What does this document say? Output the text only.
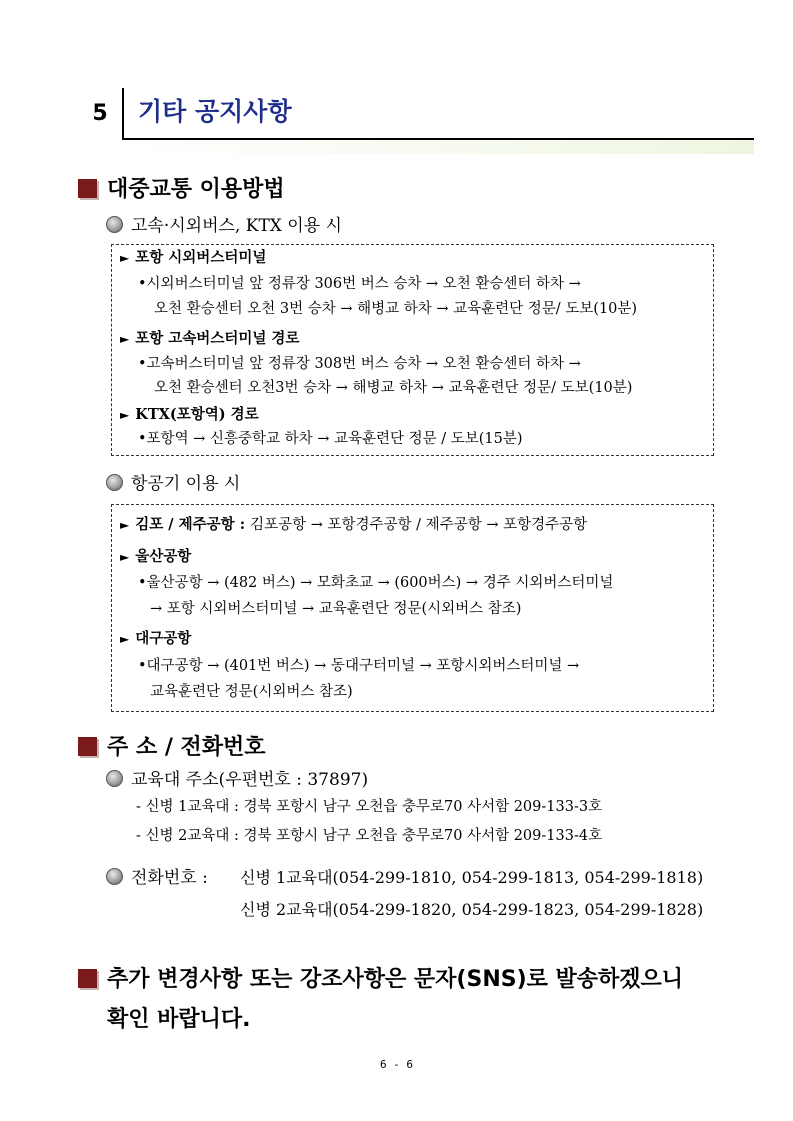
5	기타 공지사항
대중교통 이용방법
고속·시외버스, KTX 이용 시
► 포항 시외버스터미널
•시외버스터미널 앞 정류장 306번 버스 승차 → 오천 환승센터 하차 →
오천 환승센터 오천 3번 승차 → 해병교 하차 → 교육훈련단 정문/ 도보(10분)
► 포항 고속버스터미널 경로
•고속버스터미널 앞 정류장 308번 버스 승차 → 오천 환승센터 하차 →
오천 환승센터 오천3번 승차 → 해병교 하차 → 교육훈련단 정문/ 도보(10분)
► KTX(포항역) 경로
•포항역 → 신흥중학교 하차 → 교육훈련단 정문 / 도보(15분)
항공기 이용 시
► 김포 / 제주공항 : 김포공항 → 포항경주공항 / 제주공항 → 포항경주공항
► 울산공항
•울산공항 → (482 버스) → 모화초교 → (600버스) → 경주 시외버스터미널
→ 포항 시외버스터미널 → 교육훈련단 정문(시외버스 참조)
► 대구공항
•대구공항 → (401번 버스) → 동대구터미널 → 포항시외버스터미널 →
교육훈련단 정문(시외버스 참조)
주 소 / 전화번호
교육대 주소(우편번호 : 37897)
- 신병 1교육대 : 경북 포항시 남구 오천읍 충무로70 사서함 209-133-3호
- 신병 2교육대 : 경북 포항시 남구 오천읍 충무로70 사서함 209-133-4호
전화번호 : 신병 1교육대(054-299-1810, 054-299-1813, 054-299-1818)
신병 2교육대(054-299-1820, 054-299-1823, 054-299-1828)
추가 변경사항 또는 강조사항은 문자(SNS)로 발송하겠으니
확인 바랍니다.
6 - 6
